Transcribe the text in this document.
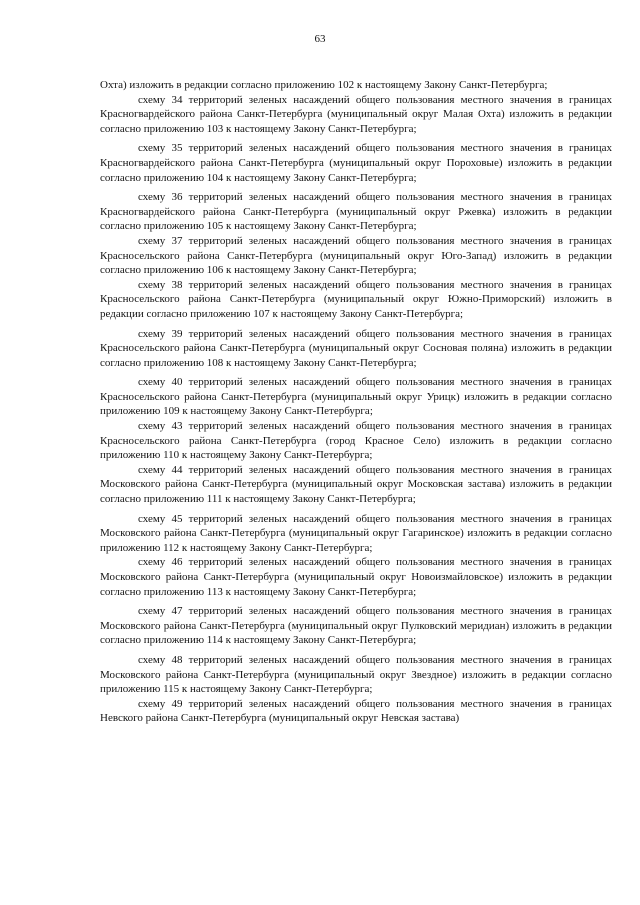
63

Охта) изложить в редакции согласно приложению 102 к настоящему Закону Санкт-Петербурга;

схему 34 территорий зеленых насаждений общего пользования местного значения в границах Красногвардейского района Санкт-Петербурга (муниципальный округ Малая Охта) изложить в редакции согласно приложению 103 к настоящему Закону Санкт-Петербурга;

схему 35 территорий зеленых насаждений общего пользования местного значения в границах Красногвардейского района Санкт-Петербурга (муниципальный округ Пороховые) изложить в редакции согласно приложению 104 к настоящему Закону Санкт-Петербурга;

схему 36 территорий зеленых насаждений общего пользования местного значения в границах Красногвардейского района Санкт-Петербурга (муниципальный округ Ржевка) изложить в редакции согласно приложению 105 к настоящему Закону Санкт-Петербурга;

схему 37 территорий зеленых насаждений общего пользования местного значения в границах Красносельского района Санкт-Петербурга (муниципальный округ Юго-Запад) изложить в редакции согласно приложению 106 к настоящему Закону Санкт-Петербурга;

схему 38 территорий зеленых насаждений общего пользования местного значения в границах Красносельского района Санкт-Петербурга (муниципальный округ Южно-Приморский) изложить в редакции согласно приложению 107 к настоящему Закону Санкт-Петербурга;

схему 39 территорий зеленых насаждений общего пользования местного значения в границах Красносельского района Санкт-Петербурга (муниципальный округ Сосновая поляна) изложить в редакции согласно приложению 108 к настоящему Закону Санкт-Петербурга;

схему 40 территорий зеленых насаждений общего пользования местного значения в границах Красносельского района Санкт-Петербурга (муниципальный округ Урицк) изложить в редакции согласно приложению 109 к настоящему Закону Санкт-Петербурга;

схему 43 территорий зеленых насаждений общего пользования местного значения в границах Красносельского района Санкт-Петербурга (город Красное Село) изложить в редакции согласно приложению 110 к настоящему Закону Санкт-Петербурга;

схему 44 территорий зеленых насаждений общего пользования местного значения в границах Московского района Санкт-Петербурга (муниципальный округ Московская застава) изложить в редакции согласно приложению 111 к настоящему Закону Санкт-Петербурга;

схему 45 территорий зеленых насаждений общего пользования местного значения в границах Московского района Санкт-Петербурга (муниципальный округ Гагаринское) изложить в редакции согласно приложению 112 к настоящему Закону Санкт-Петербурга;

схему 46 территорий зеленых насаждений общего пользования местного значения в границах Московского района Санкт-Петербурга (муниципальный округ Новоизмайловское) изложить в редакции согласно приложению 113 к настоящему Закону Санкт-Петербурга;

схему 47 территорий зеленых насаждений общего пользования местного значения в границах Московского района Санкт-Петербурга (муниципальный округ Пулковский меридиан) изложить в редакции согласно приложению 114 к настоящему Закону Санкт-Петербурга;

схему 48 территорий зеленых насаждений общего пользования местного значения в границах Московского района Санкт-Петербурга (муниципальный округ Звездное) изложить в редакции согласно приложению 115 к настоящему Закону Санкт-Петербурга;

схему 49 территорий зеленых насаждений общего пользования местного значения в границах Невского района Санкт-Петербурга (муниципальный округ Невская застава)
